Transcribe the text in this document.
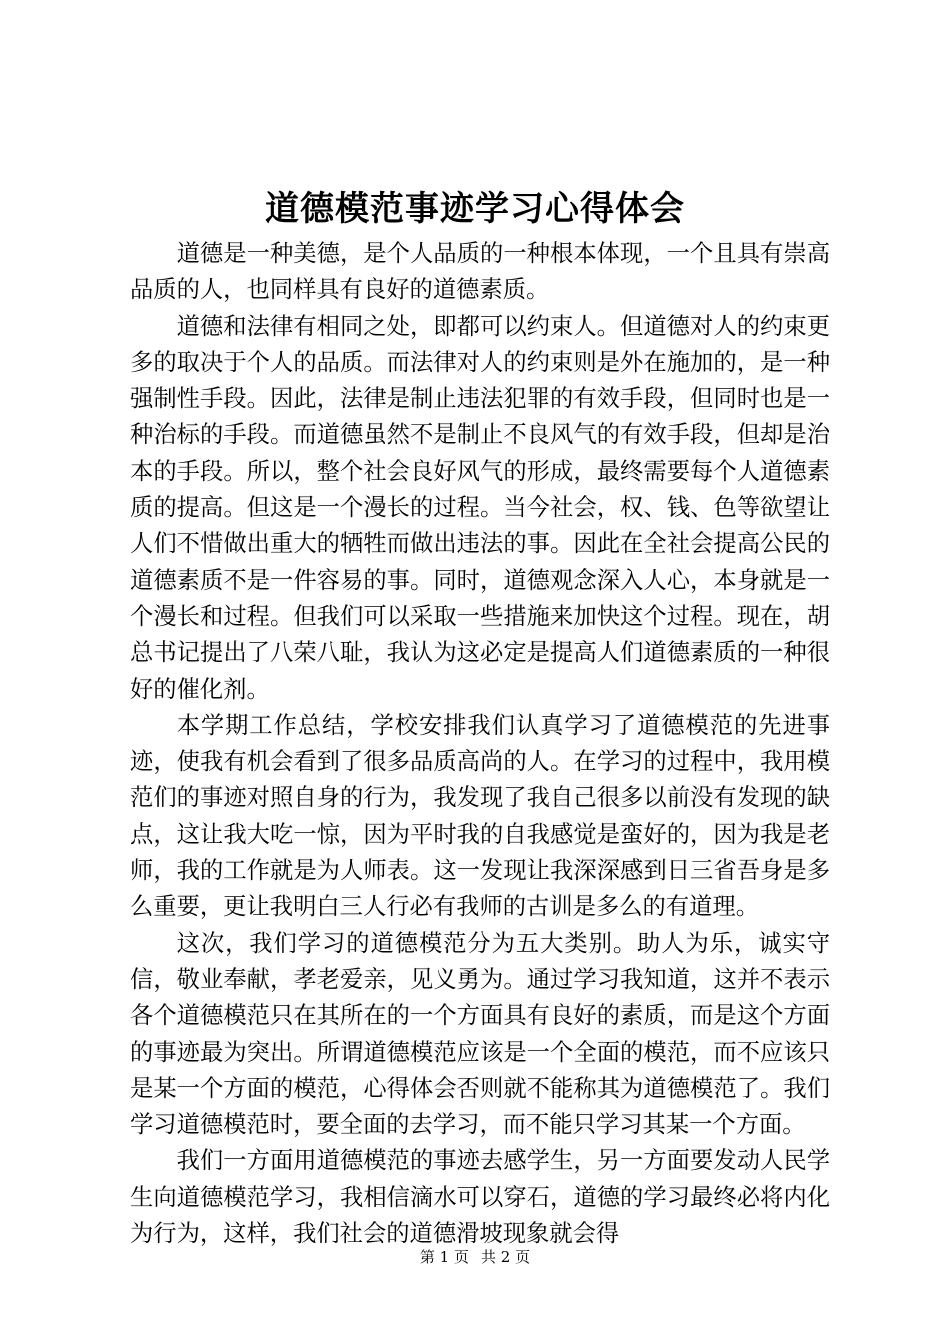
道德模范事迹学习心得体会

道德是一种美德，是个人品质的一种根本体现，一个且具有崇高品质的人，也同样具有良好的道德素质。

道德和法律有相同之处，即都可以约束人。但道德对人的约束更多的取决于个人的品质。而法律对人的约束则是外在施加的，是一种强制性手段。因此，法律是制止违法犯罪的有效手段，但同时也是一种治标的手段。而道德虽然不是制止不良风气的有效手段，但却是治本的手段。所以，整个社会良好风气的形成，最终需要每个人道德素质的提高。但这是一个漫长的过程。当今社会，权、钱、色等欲望让人们不惜做出重大的牺牲而做出违法的事。因此在全社会提高公民的道德素质不是一件容易的事。同时，道德观念深入人心，本身就是一个漫长和过程。但我们可以采取一些措施来加快这个过程。现在，胡总书记提出了八荣八耻，我认为这必定是提高人们道德素质的一种很好的催化剂。

本学期工作总结，学校安排我们认真学习了道德模范的先进事迹，使我有机会看到了很多品质高尚的人。在学习的过程中，我用模范们的事迹对照自身的行为，我发现了我自己很多以前没有发现的缺点，这让我大吃一惊，因为平时我的自我感觉是蛮好的，因为我是老师，我的工作就是为人师表。这一发现让我深深感到日三省吾身是多么重要，更让我明白三人行必有我师的古训是多么的有道理。

这次，我们学习的道德模范分为五大类别。助人为乐，诚实守信，敬业奉献，孝老爱亲，见义勇为。通过学习我知道，这并不表示各个道德模范只在其所在的一个方面具有良好的素质，而是这个方面的事迹最为突出。所谓道德模范应该是一个全面的模范，而不应该只是某一个方面的模范，心得体会否则就不能称其为道德模范了。我们学习道德模范时，要全面的去学习，而不能只学习其某一个方面。

我们一方面用道德模范的事迹去感学生，另一方面要发动人民学生向道德模范学习，我相信滴水可以穿石，道德的学习最终必将内化为行为，这样，我们社会的道德滑坡现象就会得

第 1 页 共 2 页
